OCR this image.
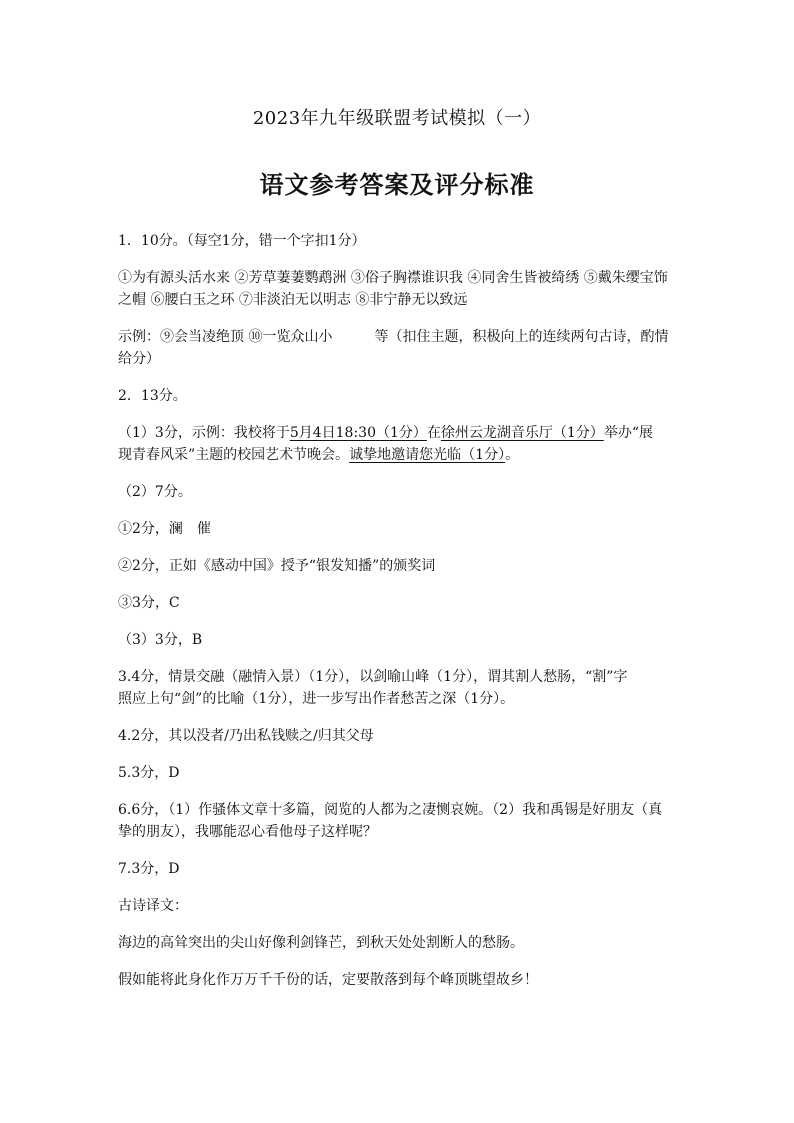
2023年九年级联盟考试模拟（一）
语文参考答案及评分标准

1．10分。（每空1分，错一个字扣1分）

①为有源头活水来 ②芳草萋萋鹦鹉洲 ③俗子胸襟谁识我 ④同舍生皆被绮绣 ⑤戴朱缨宝饰
之帽 ⑥腰白玉之环 ⑦非淡泊无以明志 ⑧非宁静无以致远

示例：⑨会当凌绝顶 ⑩一览众山小	等（扣住主题，积极向上的连续两句古诗，酌情
给分）

2．13分。

（1）3分，示例：我校将于5月4日18:30（1分）在徐州云龙湖音乐厅（1分）举办“展
现青春风采”主题的校园艺术节晚会。诚挚地邀请您光临（1分）。

（2）7分。

①2分，澜　催

②2分，正如《感动中国》授予“银发知播”的颁奖词

③3分，C

（3）3分，B

3.4分，情景交融（融情入景）（1分），以剑喻山峰（1分），谓其割人愁肠，“割”字
照应上句“剑”的比喻（1分），进一步写出作者愁苦之深（1分）。

4.2分，其以没者/乃出私钱赎之/归其父母

5.3分，D

6.6分，（1）作骚体文章十多篇，阅览的人都为之凄恻哀婉。（2）我和禹锡是好朋友（真
挚的朋友），我哪能忍心看他母子这样呢？

7.3分，D

古诗译文：

海边的高耸突出的尖山好像利剑锋芒，到秋天处处割断人的愁肠。

假如能将此身化作万万千千份的话，定要散落到每个峰顶眺望故乡！
